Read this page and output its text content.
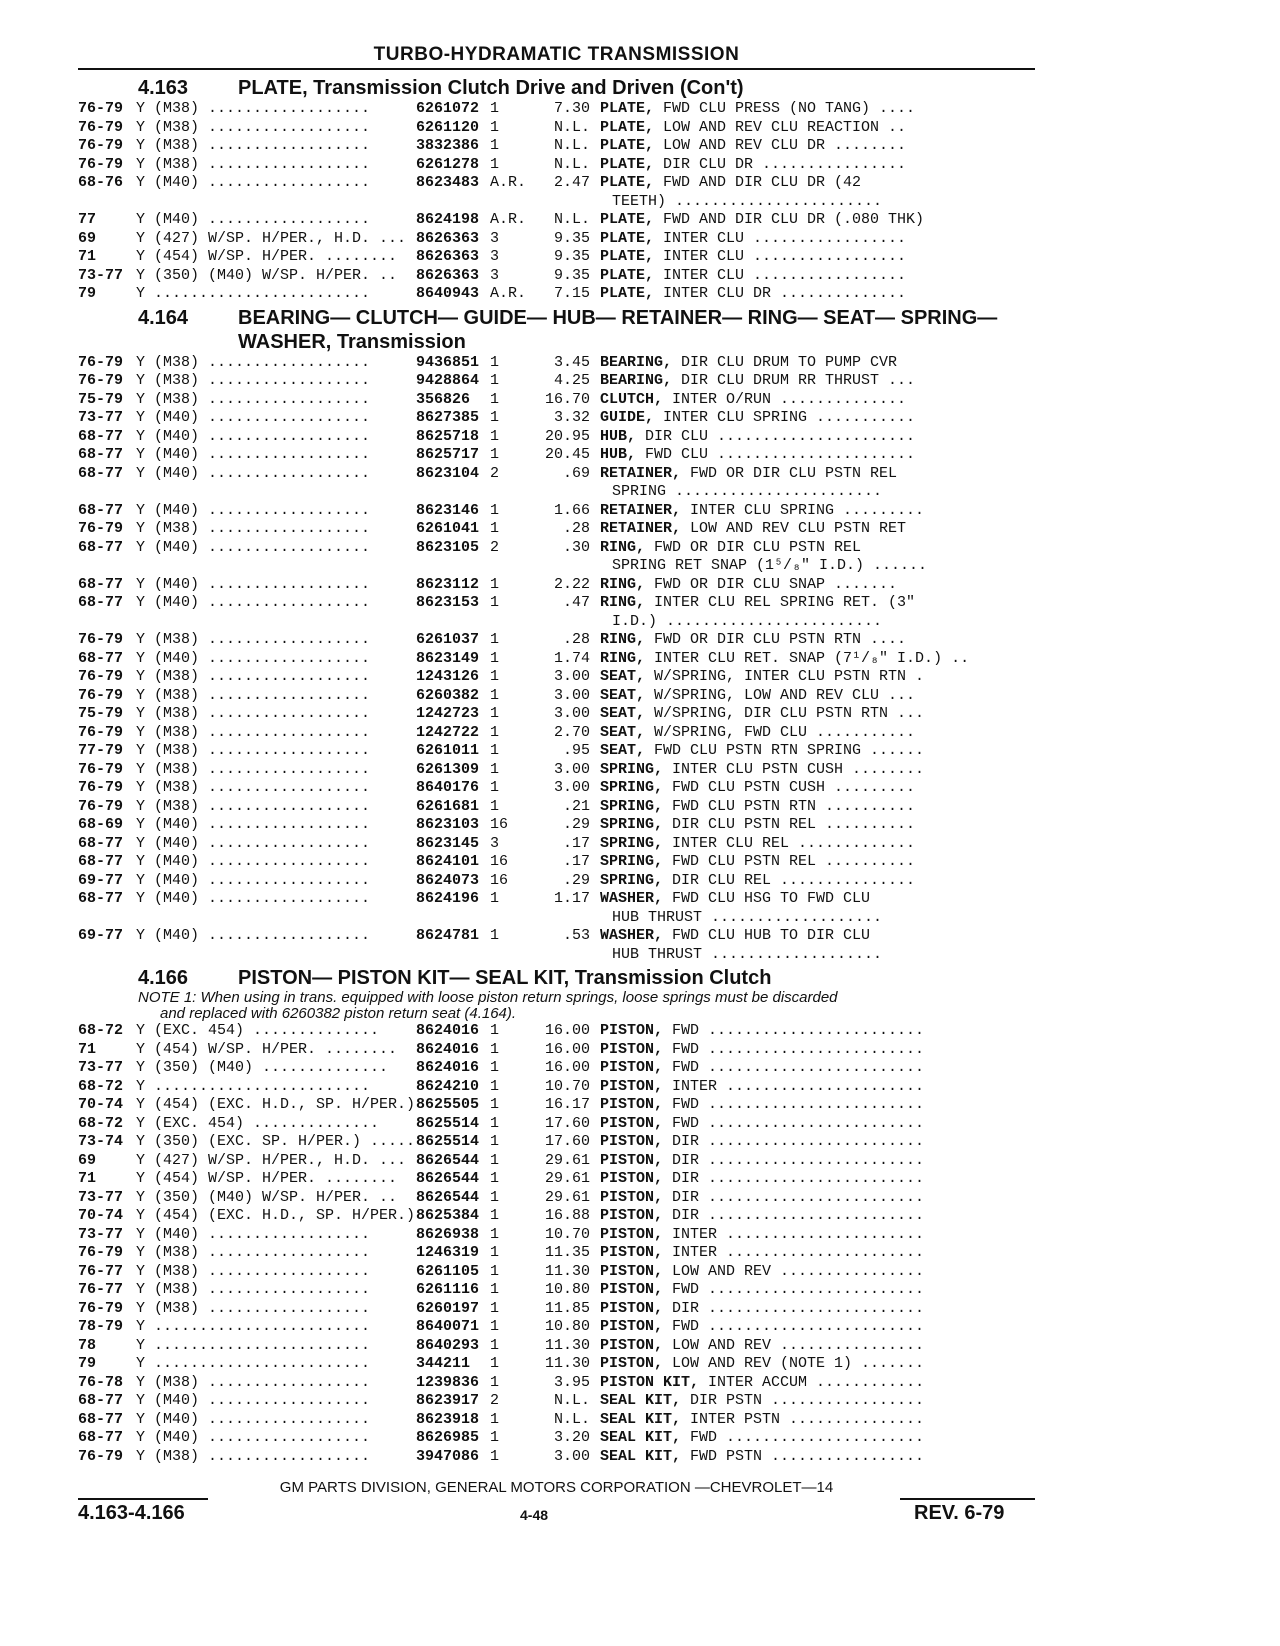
TURBO-HYDRAMATIC TRANSMISSION
4.163	PLATE, Transmission Clutch Drive and Driven (Con't)
76-79 Y (M38) ..................	6261072 1	7.30 PLATE, FWD CLU PRESS (NO TANG) ....
76-79 Y (M38) ..................	6261120 1	N.L. PLATE, LOW AND REV CLU REACTION ..
76-79 Y (M38) ..................	3832386 1	N.L. PLATE, LOW AND REV CLU DR ........
76-79 Y (M38) ..................	6261278 1	N.L. PLATE, DIR CLU DR ................
68-76 Y (M40) ..................	8623483 A.R.	2.47 PLATE, FWD AND DIR CLU DR (42
TEETH) .......................
77	Y (M40) ..................	8624198 A.R.	N.L. PLATE, FWD AND DIR CLU DR (.080 THK)
69	Y (427) W/SP. H/PER., H.D. ... 8626363 3	9.35 PLATE, INTER CLU .................
71	Y (454) W/SP. H/PER. ........	8626363 3	9.35 PLATE, INTER CLU .................
73-77 Y (350) (M40) W/SP. H/PER. ..	8626363 3	9.35 PLATE, INTER CLU .................
79	Y ........................	8640943 A.R.	7.15 PLATE, INTER CLU DR ..............
4.164	BEARING— CLUTCH— GUIDE— HUB— RETAINER— RING— SEAT— SPRING— WASHER, Transmission
76-79 Y (M38) ..................	9436851 1	3.45 BEARING, DIR CLU DRUM TO PUMP CVR
76-79 Y (M38) ..................	9428864 1	4.25 BEARING, DIR CLU DRUM RR THRUST ...
75-79 Y (M38) ..................	356826	1	16.70 CLUTCH, INTER O/RUN ..............
73-77 Y (M40) ..................	8627385 1	3.32 GUIDE, INTER CLU SPRING ...........
68-77 Y (M40) ..................	8625718 1	20.95 HUB, DIR CLU ......................
68-77 Y (M40) ..................	8625717 1	20.45 HUB, FWD CLU ......................
68-77 Y (M40) ..................	8623104 2	.69 RETAINER, FWD OR DIR CLU PSTN REL
SPRING .......................
68-77 Y (M40) ..................	8623146 1	1.66 RETAINER, INTER CLU SPRING .........
76-79 Y (M38) ..................	6261041 1	.28 RETAINER, LOW AND REV CLU PSTN RET
68-77 Y (M40) ..................	8623105 2	.30 RING, FWD OR DIR CLU PSTN REL
SPRING RET SNAP (1⁵/₈" I.D.) ......
68-77 Y (M40) ..................	8623112 1	2.22 RING, FWD OR DIR CLU SNAP .......
68-77 Y (M40) ..................	8623153 1	.47 RING, INTER CLU REL SPRING RET. (3"
I.D.) ........................
76-79 Y (M38) ..................	6261037 1	.28 RING, FWD OR DIR CLU PSTN RTN ....
68-77 Y (M40) ..................	8623149 1	1.74 RING, INTER CLU RET. SNAP (7¹/₈" I.D.) ..
76-79 Y (M38) ..................	1243126 1	3.00 SEAT, W/SPRING, INTER CLU PSTN RTN .
76-79 Y (M38) ..................	6260382 1	3.00 SEAT, W/SPRING, LOW AND REV CLU ...
75-79 Y (M38) ..................	1242723 1	3.00 SEAT, W/SPRING, DIR CLU PSTN RTN ...
76-79 Y (M38) ..................	1242722 1	2.70 SEAT, W/SPRING, FWD CLU ...........
77-79 Y (M38) ..................	6261011 1	.95 SEAT, FWD CLU PSTN RTN SPRING ......
76-79 Y (M38) ..................	6261309 1	3.00 SPRING, INTER CLU PSTN CUSH ........
76-79 Y (M38) ..................	8640176 1	3.00 SPRING, FWD CLU PSTN CUSH .........
76-79 Y (M38) ..................	6261681 1	.21 SPRING, FWD CLU PSTN RTN ..........
68-69 Y (M40) ..................	8623103 16	.29 SPRING, DIR CLU PSTN REL ..........
68-77 Y (M40) ..................	8623145 3	.17 SPRING, INTER CLU REL .............
68-77 Y (M40) ..................	8624101 16	.17 SPRING, FWD CLU PSTN REL ..........
69-77 Y (M40) ..................	8624073 16	.29 SPRING, DIR CLU REL ...............
68-77 Y (M40) ..................	8624196 1	1.17 WASHER, FWD CLU HSG TO FWD CLU
HUB THRUST ...................
69-77 Y (M40) ..................	8624781 1	.53 WASHER, FWD CLU HUB TO DIR CLU
HUB THRUST ...................
4.166	PISTON— PISTON KIT— SEAL KIT, Transmission Clutch
NOTE 1: When using in trans. equipped with loose piston return springs, loose springs must be discarded
and replaced with 6260382 piston return seat (4.164).
68-72 Y (EXC. 454) ..............	8624016 1	16.00 PISTON, FWD ........................
71	Y (454) W/SP. H/PER. ........	8624016 1	16.00 PISTON, FWD ........................
73-77 Y (350) (M40) ..............	8624016 1	16.00 PISTON, FWD ........................
68-72 Y ........................	8624210 1	10.70 PISTON, INTER ......................
70-74 Y (454) (EXC. H.D., SP. H/PER.) 8625505 1	16.17 PISTON, FWD ........................
68-72 Y (EXC. 454) ..............	8625514 1	17.60 PISTON, FWD ........................
73-74 Y (350) (EXC. SP. H/PER.) ..... 8625514 1	17.60 PISTON, DIR ........................
69	Y (427) W/SP. H/PER., H.D. ... 8626544 1	29.61 PISTON, DIR ........................
71	Y (454) W/SP. H/PER. ........	8626544 1	29.61 PISTON, DIR ........................
73-77 Y (350) (M40) W/SP. H/PER. ..	8626544 1	29.61 PISTON, DIR ........................
70-74 Y (454) (EXC. H.D., SP. H/PER.) 8625384 1	16.88 PISTON, DIR ........................
73-77 Y (M40) ..................	8626938 1	10.70 PISTON, INTER ......................
76-79 Y (M38) ..................	1246319 1	11.35 PISTON, INTER ......................
76-77 Y (M38) ..................	6261105 1	11.30 PISTON, LOW AND REV ................
76-77 Y (M38) ..................	6261116 1	10.80 PISTON, FWD ........................
76-79 Y (M38) ..................	6260197 1	11.85 PISTON, DIR ........................
78-79 Y ........................	8640071 1	10.80 PISTON, FWD ........................
78	Y ........................	8640293 1	11.30 PISTON, LOW AND REV ................
79	Y ........................	344211	1	11.30 PISTON, LOW AND REV (NOTE 1) .......
76-78 Y (M38) ..................	1239836 1	3.95 PISTON KIT, INTER ACCUM ............
68-77 Y (M40) ..................	8623917 2	N.L. SEAL KIT, DIR PSTN .................
68-77 Y (M40) ..................	8623918 1	N.L. SEAL KIT, INTER PSTN ...............
68-77 Y (M40) ..................	8626985 1	3.20 SEAL KIT, FWD ......................
76-79 Y (M38) ..................	3947086 1	3.00 SEAL KIT, FWD PSTN .................
GM PARTS DIVISION, GENERAL MOTORS CORPORATION —CHEVROLET—14
4.163-4.166	4-48	REV. 6-79
